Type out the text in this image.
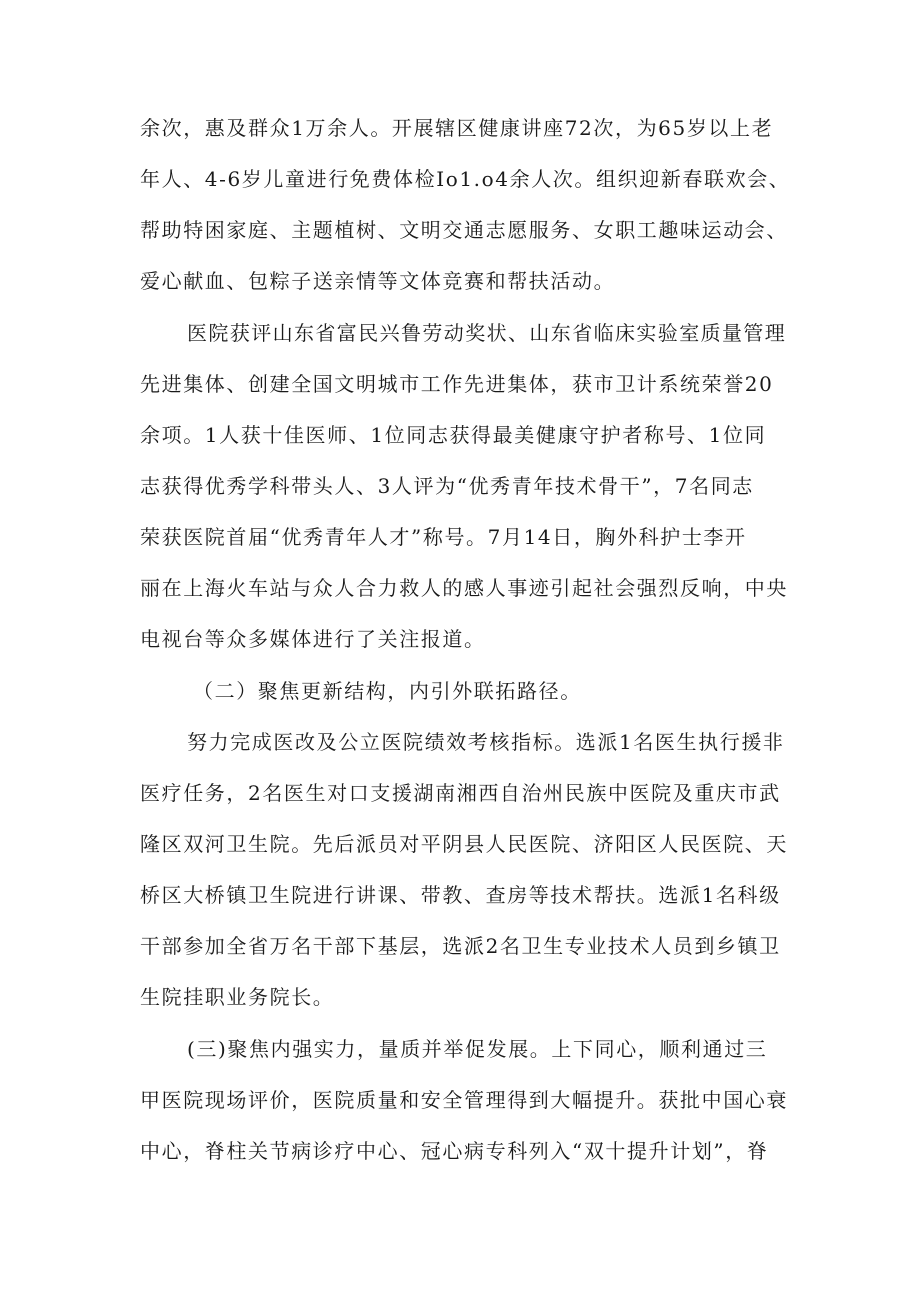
余次，惠及群众1万余人。开展辖区健康讲座72次，为65岁以上老
年人、4-6岁儿童进行免费体检Io1.o4余人次。组织迎新春联欢会、
帮助特困家庭、主题植树、文明交通志愿服务、女职工趣味运动会、
爱心献血、包粽子送亲情等文体竞赛和帮扶活动。
医院获评山东省富民兴鲁劳动奖状、山东省临床实验室质量管理
先进集体、创建全国文明城市工作先进集体，获市卫计系统荣誉20
余项。1人获十佳医师、1位同志获得最美健康守护者称号、1位同
志获得优秀学科带头人、3人评为“优秀青年技术骨干”，7名同志
荣获医院首届“优秀青年人才”称号。7月14日，胸外科护士李开
丽在上海火车站与众人合力救人的感人事迹引起社会强烈反响，中央
电视台等众多媒体进行了关注报道。
（二）聚焦更新结构，内引外联拓路径。
努力完成医改及公立医院绩效考核指标。选派1名医生执行援非
医疗任务，2名医生对口支援湖南湘西自治州民族中医院及重庆市武
隆区双河卫生院。先后派员对平阴县人民医院、济阳区人民医院、天
桥区大桥镇卫生院进行讲课、带教、查房等技术帮扶。选派1名科级
干部参加全省万名干部下基层，选派2名卫生专业技术人员到乡镇卫
生院挂职业务院长。
(三)聚焦内强实力，量质并举促发展。上下同心，顺利通过三
甲医院现场评价，医院质量和安全管理得到大幅提升。获批中国心衰
中心，脊柱关节病诊疗中心、冠心病专科列入“双十提升计划”，脊
